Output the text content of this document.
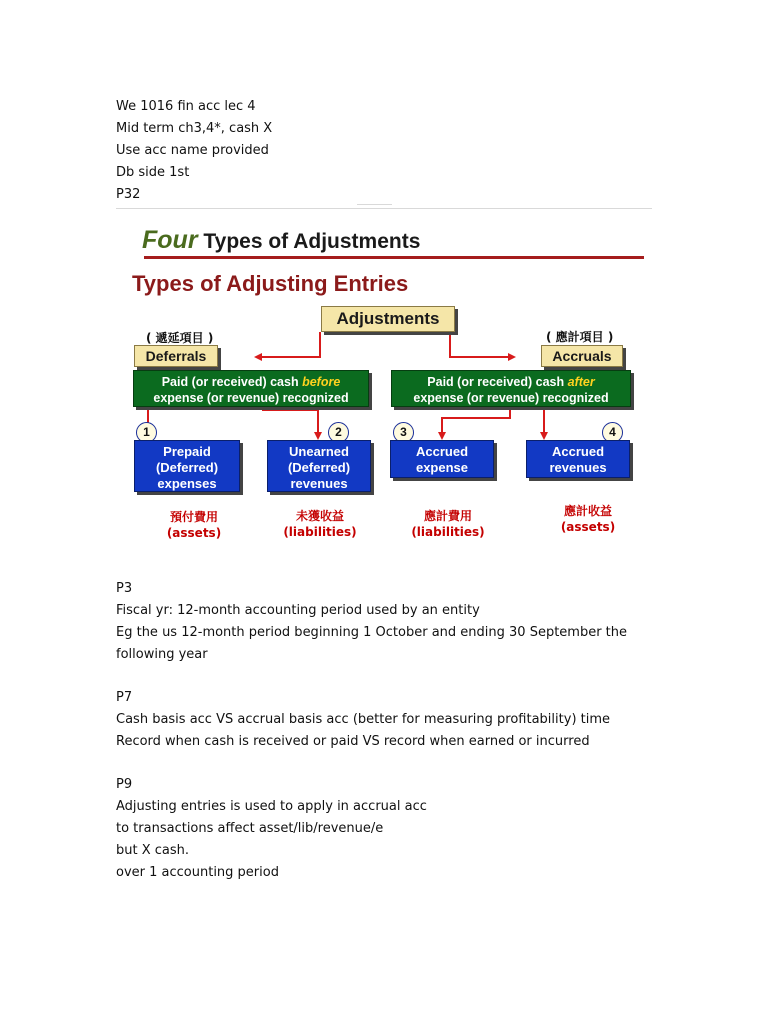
We 1016 fin acc lec 4
Mid term ch3,4*, cash X
Use acc name provided
Db side 1st
P32
Four Types of Adjustments
Types of Adjusting Entries
Adjustments
( 遞延項目 )
Deferrals
( 應計項目 )
Accruals
Paid (or received) cash before
expense (or revenue) recognized
Paid (or received) cash after
expense (or revenue) recognized
1
Prepaid
(Deferred)
expenses
預付費用
(assets)
2
Unearned
(Deferred)
revenues
未獲收益
(liabilities)
3
Accrued
expense
應計費用
(liabilities)
4
Accrued
revenues
應計收益
(assets)
P3
Fiscal yr: 12-month accounting period used by an entity
Eg the us 12-month period beginning 1 October and ending 30 September the
following year
P7
Cash basis acc VS accrual basis acc (better for measuring profitability) time
Record when cash is received or paid VS record when earned or incurred
P9
Adjusting entries is used to apply in accrual acc
to transactions affect asset/lib/revenue/e
but X cash.
over 1 accounting period
